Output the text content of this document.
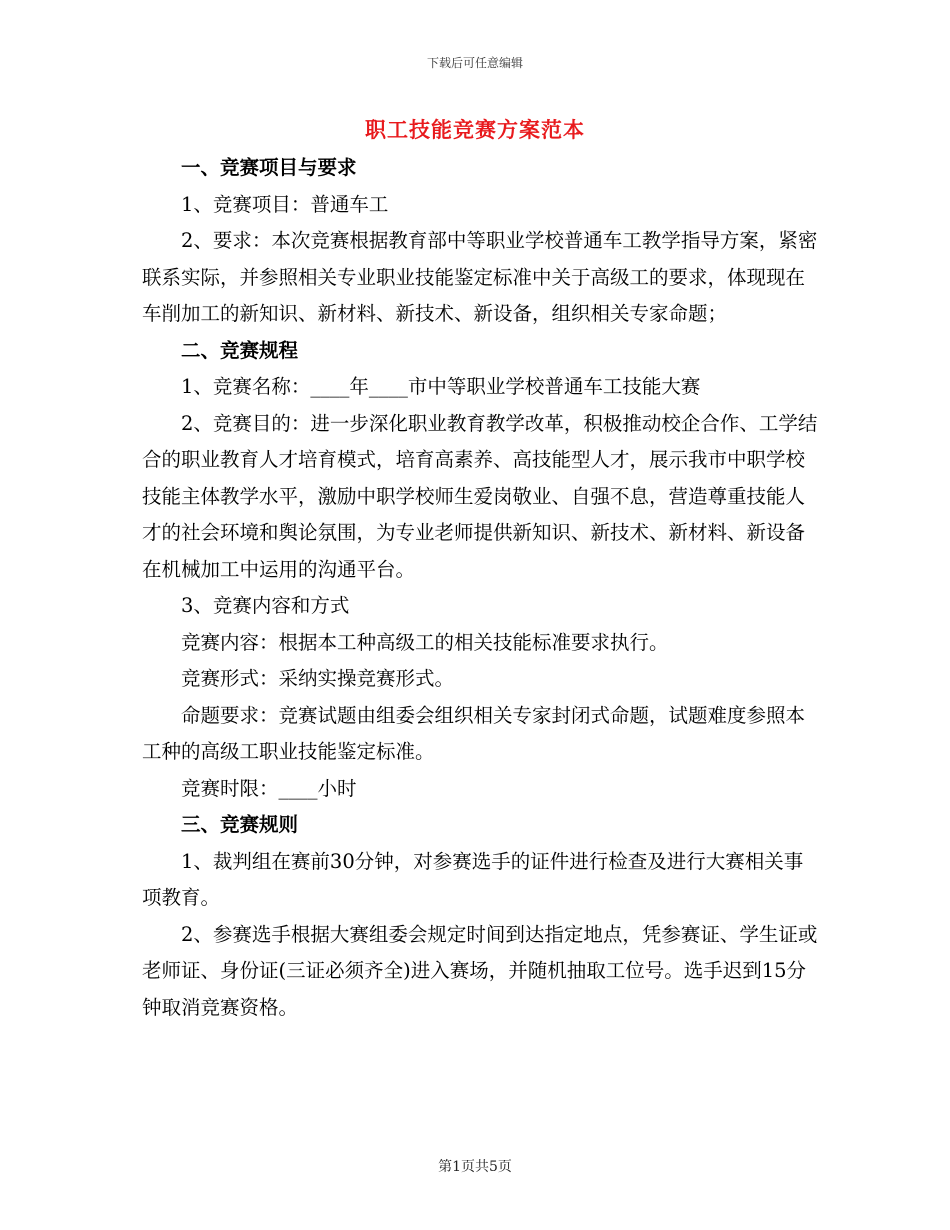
下载后可任意编辑
职工技能竞赛方案范本
一、竞赛项目与要求

1、竞赛项目：普通车工

2、要求：本次竞赛根据教育部中等职业学校普通车工教学指导方案，紧密联系实际，并参照相关专业职业技能鉴定标准中关于高级工的要求，体现现在车削加工的新知识、新材料、新技术、新设备，组织相关专家命题；

二、竞赛规程

1、竞赛名称：____年____市中等职业学校普通车工技能大赛

2、竞赛目的：进一步深化职业教育教学改革，积极推动校企合作、工学结合的职业教育人才培育模式，培育高素养、高技能型人才，展示我市中职学校技能主体教学水平，激励中职学校师生爱岗敬业、自强不息，营造尊重技能人才的社会环境和舆论氛围，为专业老师提供新知识、新技术、新材料、新设备在机械加工中运用的沟通平台。

3、竞赛内容和方式

竞赛内容：根据本工种高级工的相关技能标准要求执行。

竞赛形式：采纳实操竞赛形式。

命题要求：竞赛试题由组委会组织相关专家封闭式命题，试题难度参照本工种的高级工职业技能鉴定标准。

竞赛时限：____小时

三、竞赛规则

1、裁判组在赛前30分钟，对参赛选手的证件进行检查及进行大赛相关事项教育。

2、参赛选手根据大赛组委会规定时间到达指定地点，凭参赛证、学生证或老师证、身份证(三证必须齐全)进入赛场，并随机抽取工位号。选手迟到15分钟取消竞赛资格。

第1页共5页
